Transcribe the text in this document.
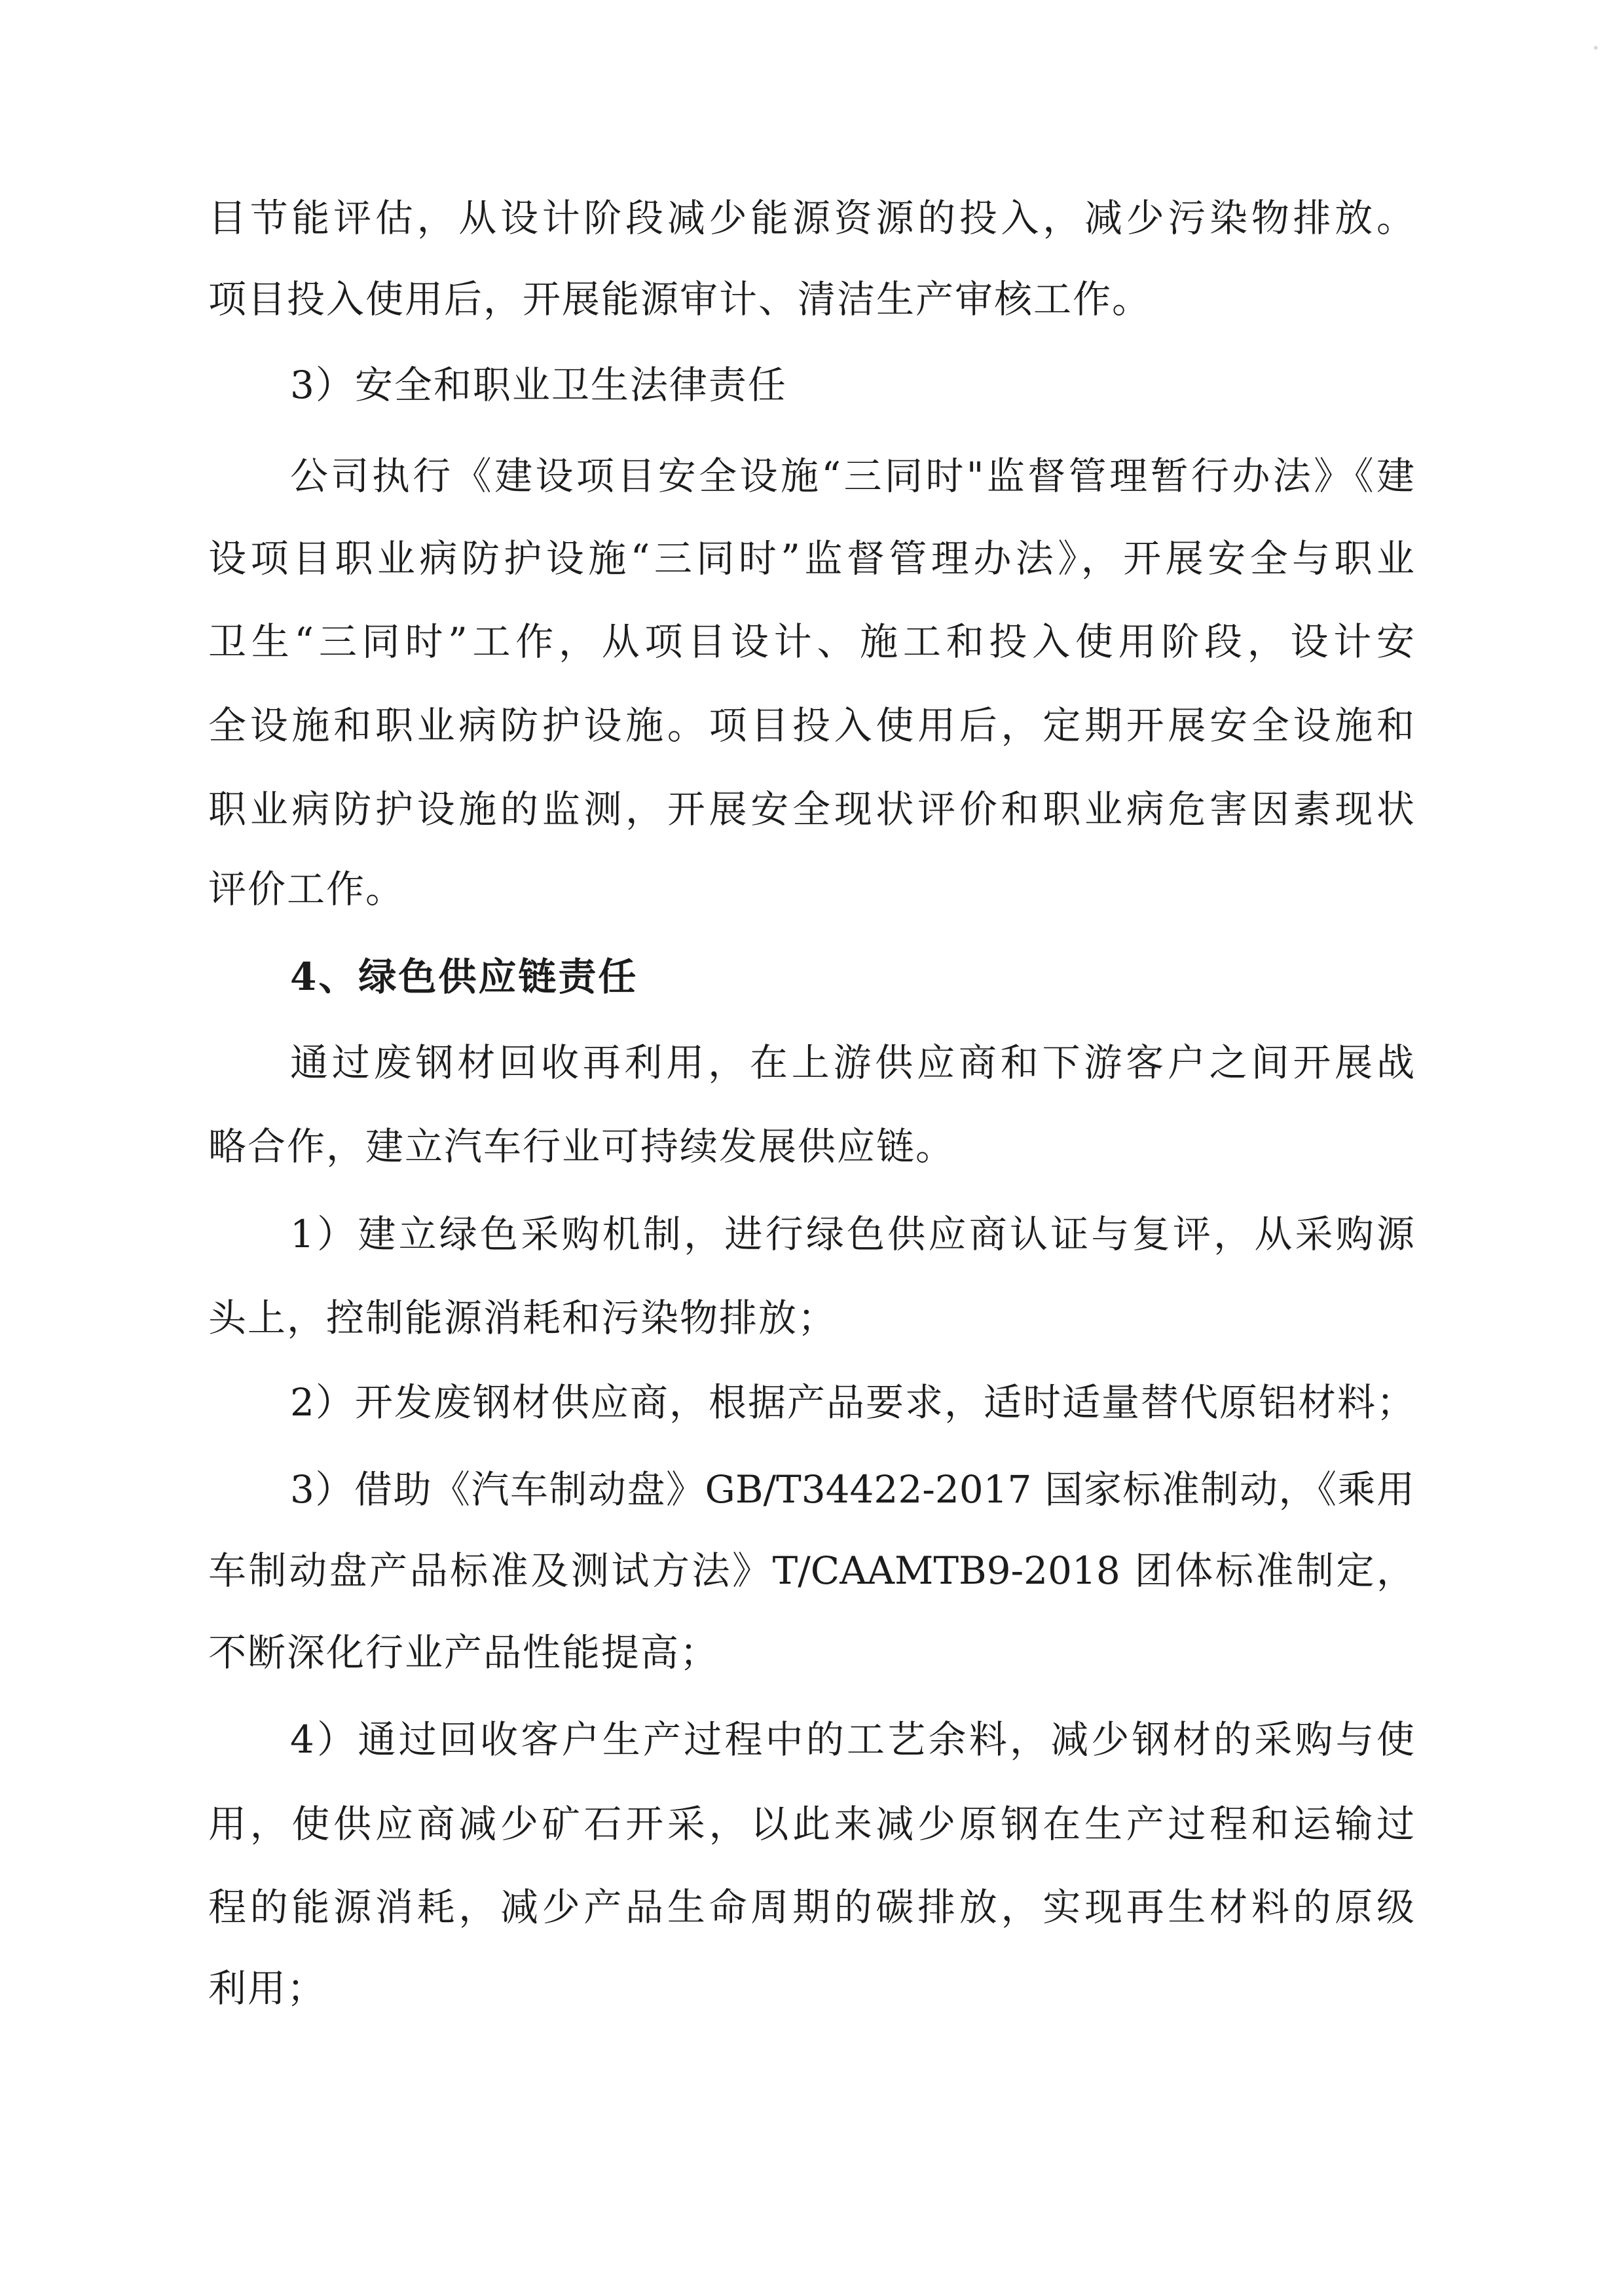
目节能评估，从设计阶段减少能源资源的投入，减少污染物排放。
项目投入使用后，开展能源审计、清洁生产审核工作。
3）安全和职业卫生法律责任
公司执行《建设项目安全设施“三同时"监督管理暂行办法》《建
设项目职业病防护设施“三同时”监督管理办法》，开展安全与职业
卫生“三同时”工作，从项目设计、施工和投入使用阶段，设计安
全设施和职业病防护设施。项目投入使用后，定期开展安全设施和
职业病防护设施的监测，开展安全现状评价和职业病危害因素现状
评价工作。
4、绿色供应链责任
通过废钢材回收再利用，在上游供应商和下游客户之间开展战
略合作，建立汽车行业可持续发展供应链。
1）建立绿色采购机制，进行绿色供应商认证与复评，从采购源
头上，控制能源消耗和污染物排放；
2）开发废钢材供应商，根据产品要求，适时适量替代原铝材料；
3）借助《汽车制动盘》GB/T34422-2017 国家标准制动，《乘用
车制动盘产品标准及测试方法》T/CAAMTB9-2018 团体标准制定，
不断深化行业产品性能提高；
4）通过回收客户生产过程中的工艺余料，减少钢材的采购与使
用，使供应商减少矿石开采，以此来减少原钢在生产过程和运输过
程的能源消耗，减少产品生命周期的碳排放，实现再生材料的原级
利用；
